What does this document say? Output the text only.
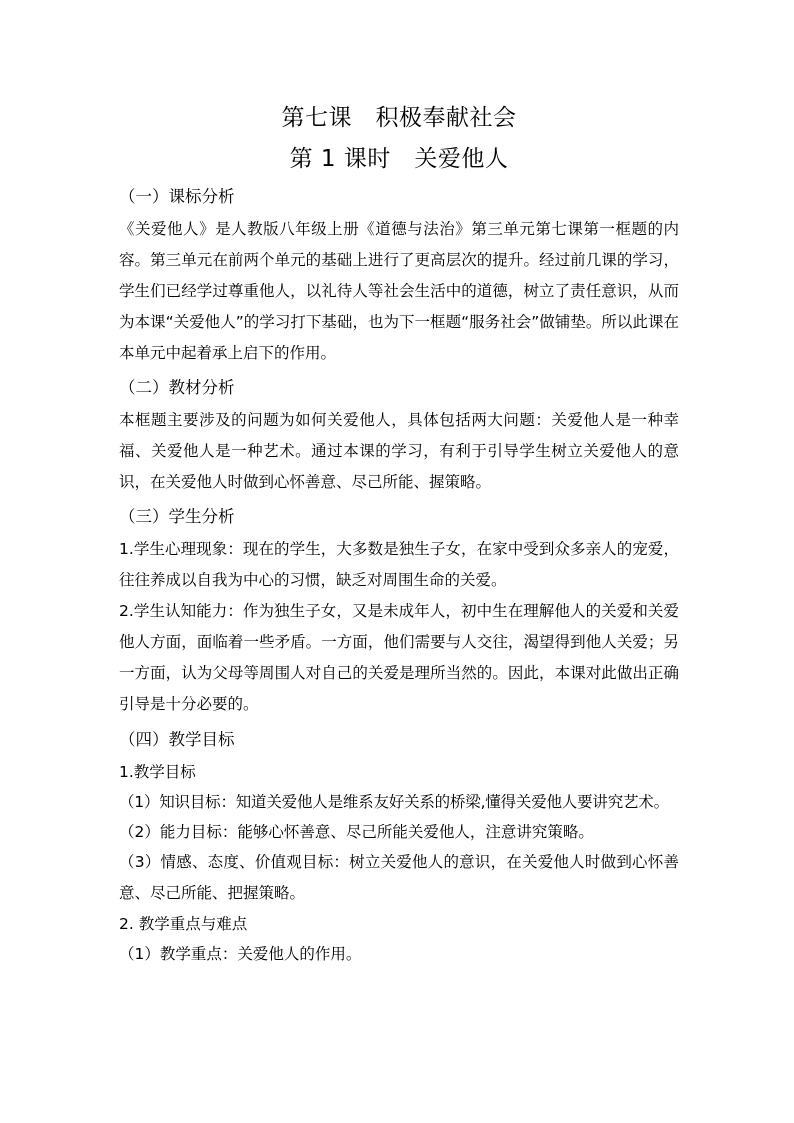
第七课　积极奉献社会
第 1 课时　关爱他人
（一）课标分析

《关爱他人》是人教版八年级上册《道德与法治》第三单元第七课第一框题的内容。第三单元在前两个单元的基础上进行了更高层次的提升。经过前几课的学习，学生们已经学过尊重他人，以礼待人等社会生活中的道德，树立了责任意识，从而为本课“关爱他人”的学习打下基础，也为下一框题“服务社会”做铺垫。所以此课在本单元中起着承上启下的作用。

（二）教材分析

本框题主要涉及的问题为如何关爱他人，具体包括两大问题：关爱他人是一种幸福、关爱他人是一种艺术。通过本课的学习，有利于引导学生树立关爱他人的意识，在关爱他人时做到心怀善意、尽己所能、握策略。

（三）学生分析

1.学生心理现象：现在的学生，大多数是独生子女，在家中受到众多亲人的宠爱，往往养成以自我为中心的习惯，缺乏对周围生命的关爱。

2.学生认知能力：作为独生子女，又是未成年人，初中生在理解他人的关爱和关爱他人方面，面临着一些矛盾。一方面，他们需要与人交往，渴望得到他人关爱；另一方面，认为父母等周围人对自己的关爱是理所当然的。因此，本课对此做出正确引导是十分必要的。

（四）教学目标

1.教学目标

（1）知识目标：知道关爱他人是维系友好关系的桥梁,懂得关爱他人要讲究艺术。

（2）能力目标：能够心怀善意、尽己所能关爱他人，注意讲究策略。

（3）情感、态度、价值观目标：树立关爱他人的意识，在关爱他人时做到心怀善意、尽己所能、把握策略。

2. 教学重点与难点

（1）教学重点：关爱他人的作用。
